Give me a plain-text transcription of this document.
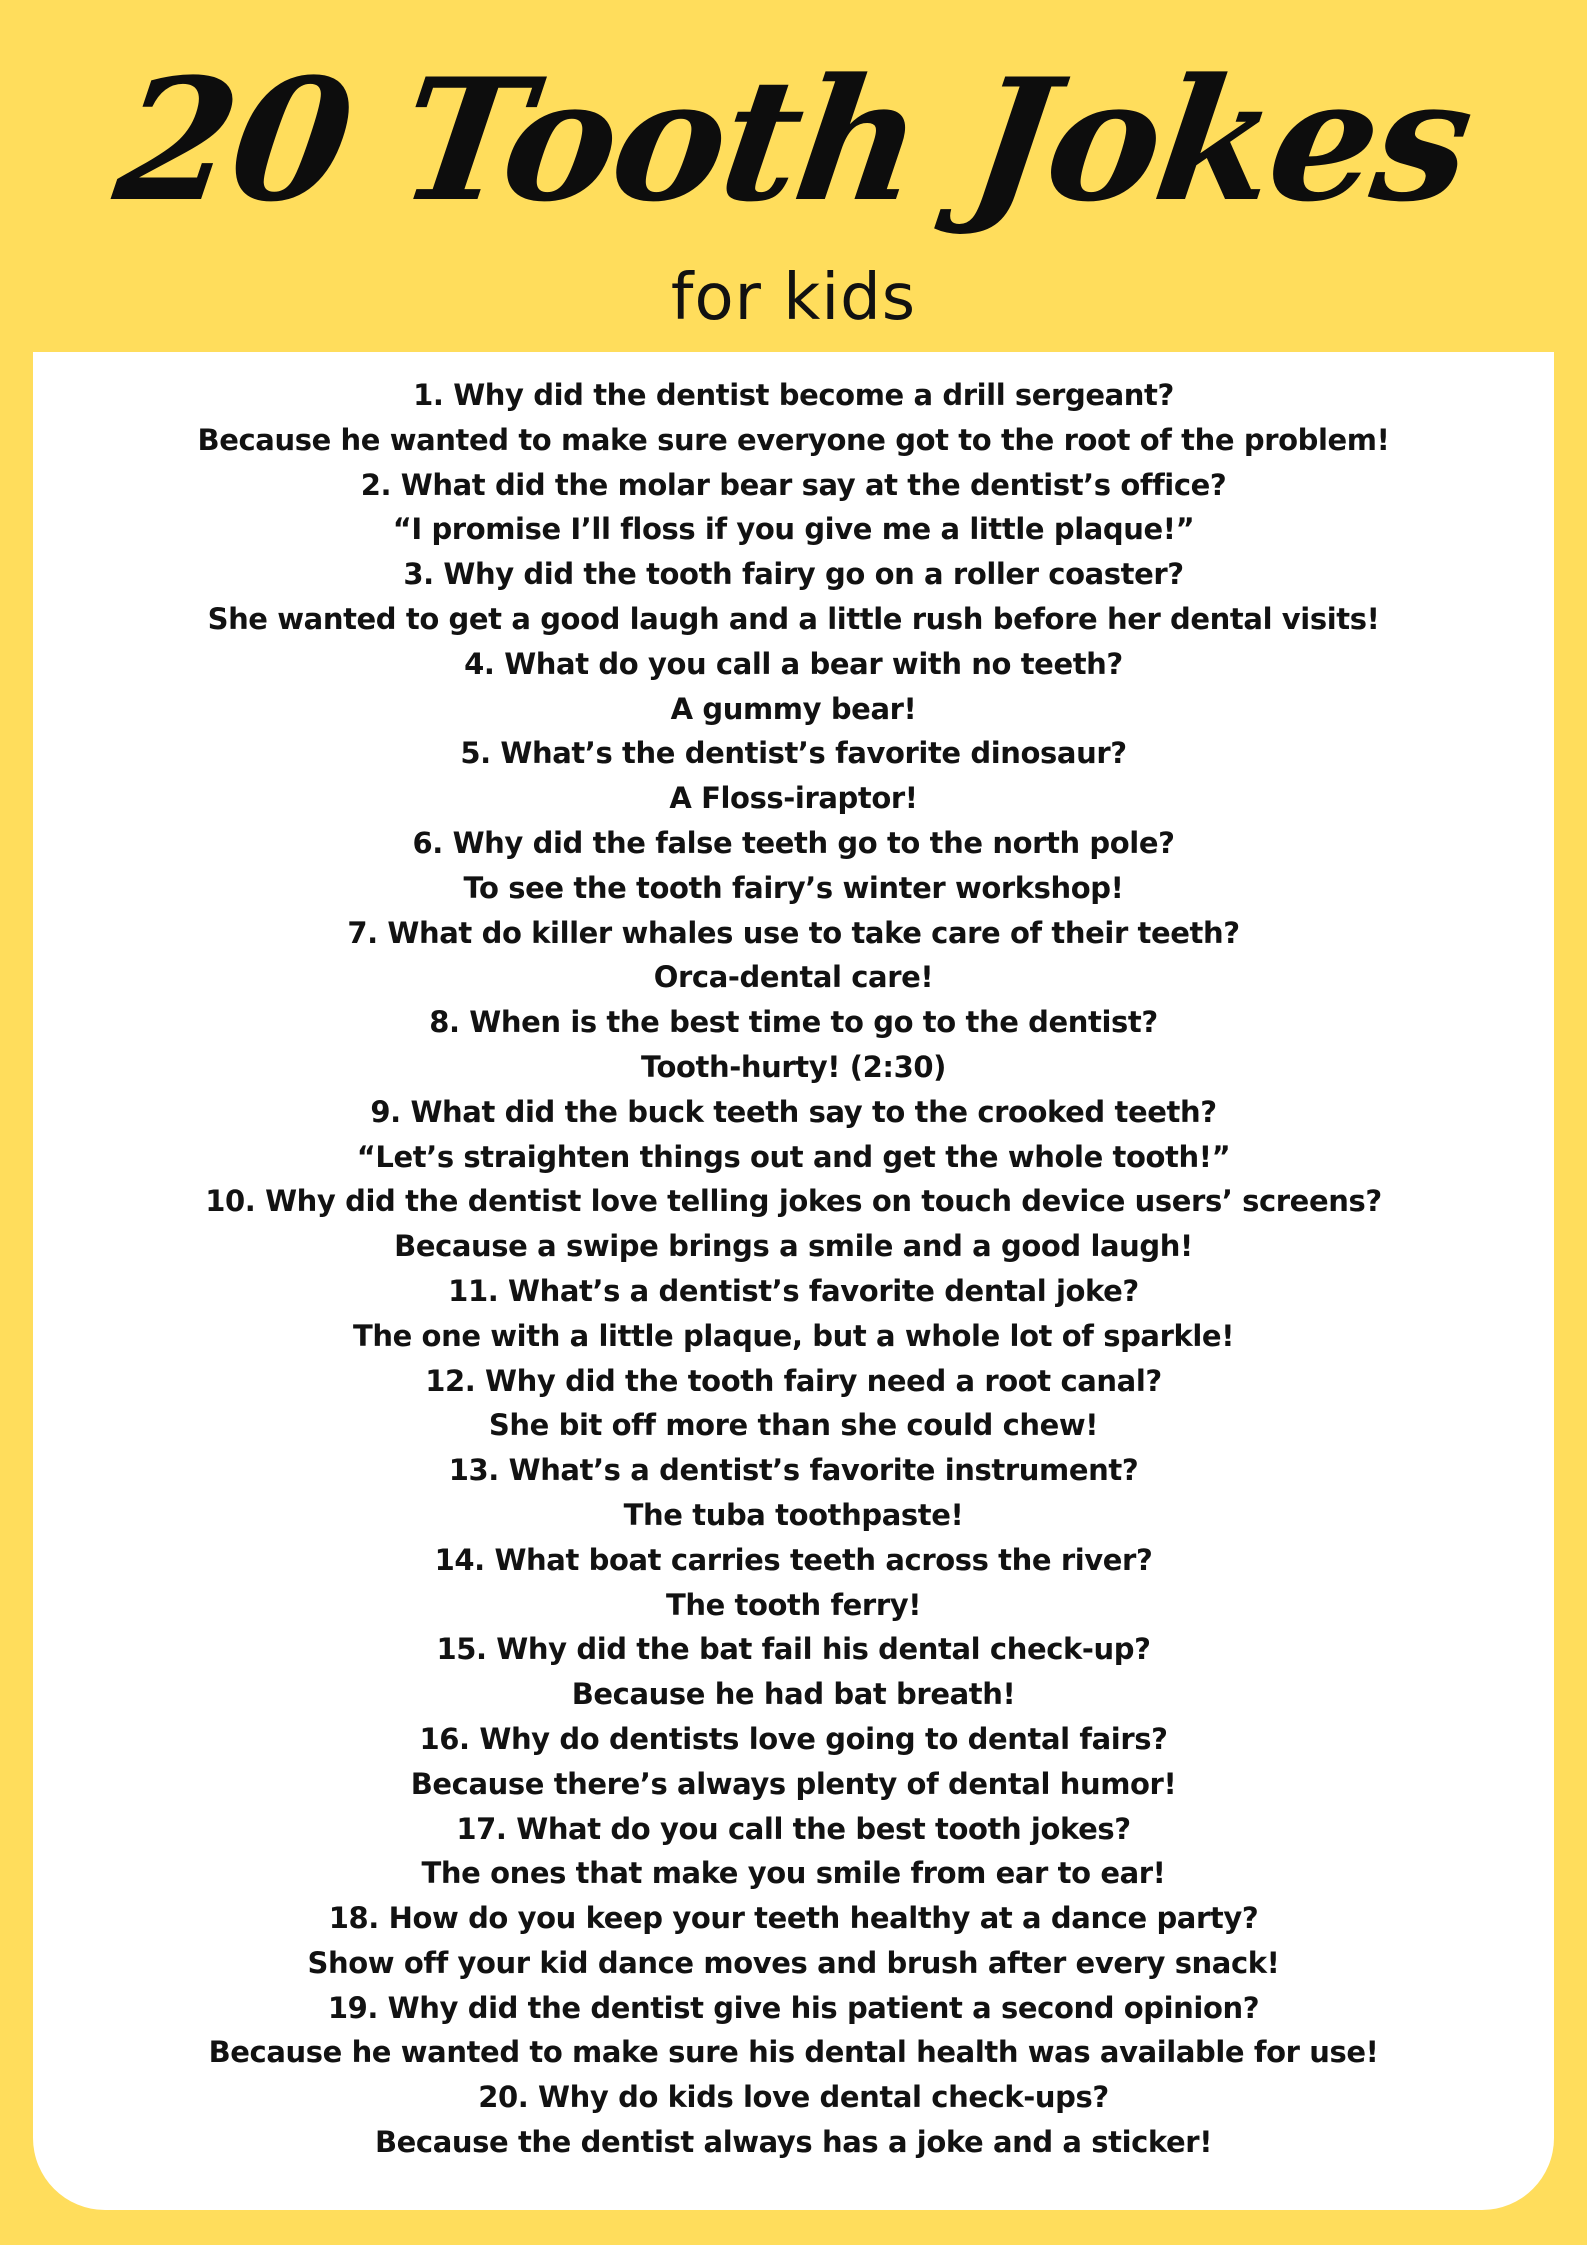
20 Tooth Jokes
for kids
1. Why did the dentist become a drill sergeant?
Because he wanted to make sure everyone got to the root of the problem!
2. What did the molar bear say at the dentist’s office?
“I promise I’ll floss if you give me a little plaque!”
3. Why did the tooth fairy go on a roller coaster?
She wanted to get a good laugh and a little rush before her dental visits!
4. What do you call a bear with no teeth?
A gummy bear!
5. What’s the dentist’s favorite dinosaur?
A Floss-iraptor!
6. Why did the false teeth go to the north pole?
To see the tooth fairy’s winter workshop!
7. What do killer whales use to take care of their teeth?
Orca-dental care!
8. When is the best time to go to the dentist?
Tooth-hurty! (2:30)
9. What did the buck teeth say to the crooked teeth?
“Let’s straighten things out and get the whole tooth!”
10. Why did the dentist love telling jokes on touch device users’ screens?
Because a swipe brings a smile and a good laugh!
11. What’s a dentist’s favorite dental joke?
The one with a little plaque, but a whole lot of sparkle!
12. Why did the tooth fairy need a root canal?
She bit off more than she could chew!
13. What’s a dentist’s favorite instrument?
The tuba toothpaste!
14. What boat carries teeth across the river?
The tooth ferry!
15. Why did the bat fail his dental check-up?
Because he had bat breath!
16. Why do dentists love going to dental fairs?
Because there’s always plenty of dental humor!
17. What do you call the best tooth jokes?
The ones that make you smile from ear to ear!
18. How do you keep your teeth healthy at a dance party?
Show off your kid dance moves and brush after every snack!
19. Why did the dentist give his patient a second opinion?
Because he wanted to make sure his dental health was available for use!
20. Why do kids love dental check-ups?
Because the dentist always has a joke and a sticker!
